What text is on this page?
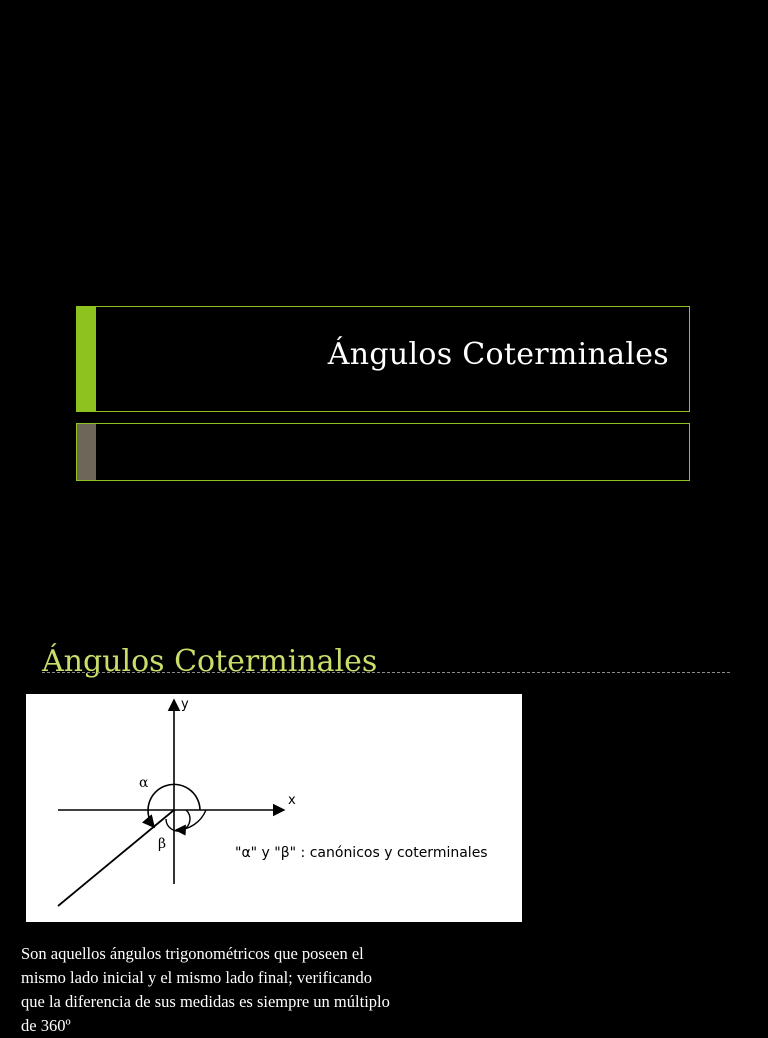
Ángulos Coterminales
Ángulos Coterminales
x
y
α
β
"α" y "β" : canónicos y coterminales
Son aquellos ángulos trigonométricos que poseen el mismo lado inicial y el mismo lado final; verificando que la diferencia de sus medidas es siempre un múltiplo de 360º
